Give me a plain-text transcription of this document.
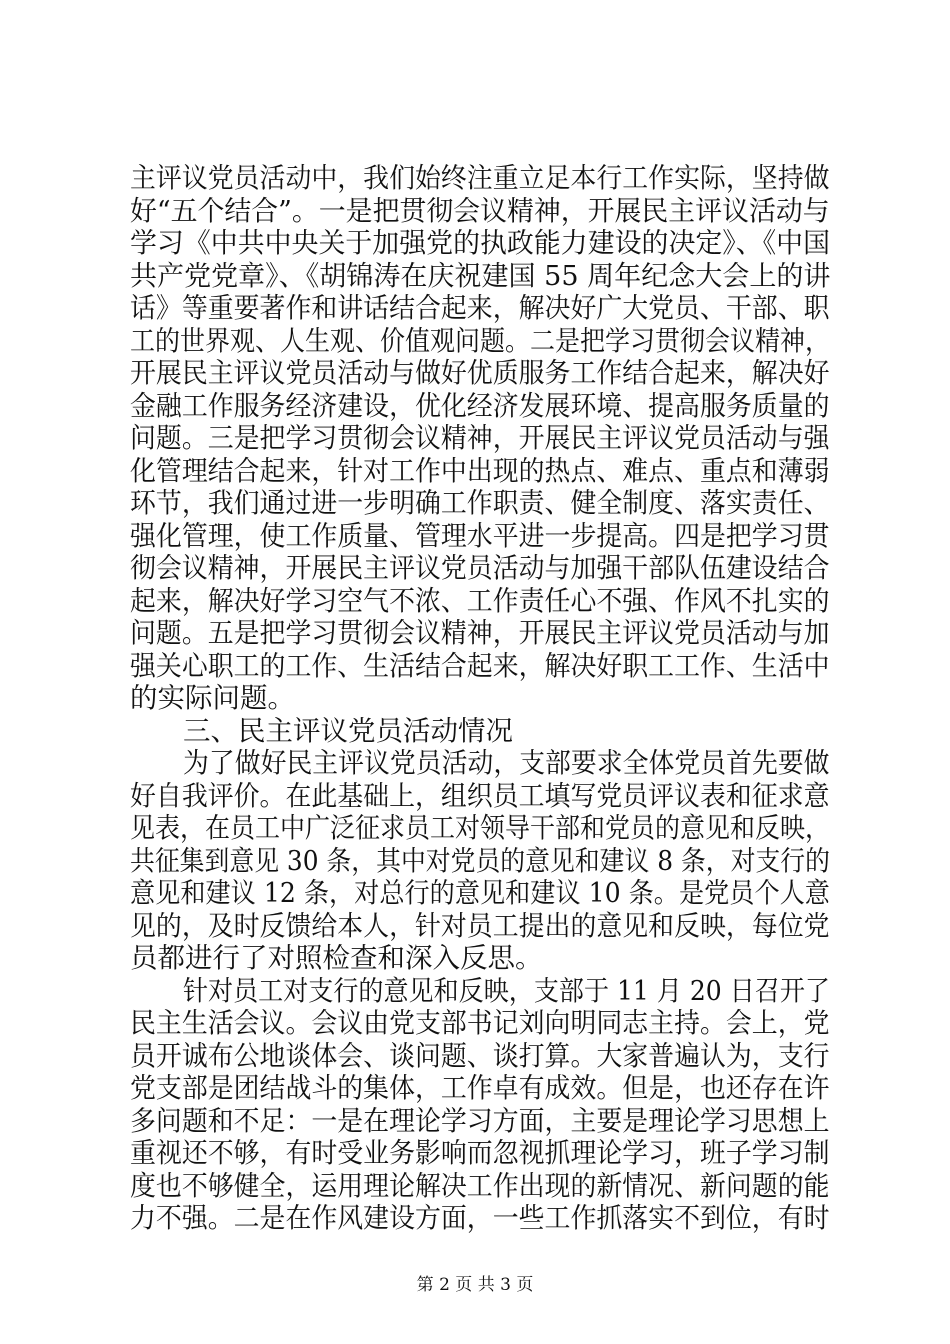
主评议党员活动中，我们始终注重立足本行工作实际，坚持做
好“五个结合”。一是把贯彻会议精神，开展民主评议活动与
学习《中共中央关于加强党的执政能力建设的决定》、《中国
共产党党章》、《胡锦涛在庆祝建国 55 周年纪念大会上的讲
话》等重要著作和讲话结合起来，解决好广大党员、干部、职
工的世界观、人生观、价值观问题。二是把学习贯彻会议精神，
开展民主评议党员活动与做好优质服务工作结合起来，解决好
金融工作服务经济建设，优化经济发展环境、提高服务质量的
问题。三是把学习贯彻会议精神，开展民主评议党员活动与强
化管理结合起来，针对工作中出现的热点、难点、重点和薄弱
环节，我们通过进一步明确工作职责、健全制度、落实责任、
强化管理，使工作质量、管理水平进一步提高。四是把学习贯
彻会议精神，开展民主评议党员活动与加强干部队伍建设结合
起来，解决好学习空气不浓、工作责任心不强、作风不扎实的
问题。五是把学习贯彻会议精神，开展民主评议党员活动与加
强关心职工的工作、生活结合起来，解决好职工工作、生活中
的实际问题。
三、民主评议党员活动情况
为了做好民主评议党员活动，支部要求全体党员首先要做
好自我评价。在此基础上，组织员工填写党员评议表和征求意
见表，在员工中广泛征求员工对领导干部和党员的意见和反映，
共征集到意见 30 条，其中对党员的意见和建议 8 条，对支行的
意见和建议 12 条，对总行的意见和建议 10 条。是党员个人意
见的，及时反馈给本人，针对员工提出的意见和反映，每位党
员都进行了对照检查和深入反思。
针对员工对支行的意见和反映，支部于 11 月 20 日召开了
民主生活会议。会议由党支部书记刘向明同志主持。会上，党
员开诚布公地谈体会、谈问题、谈打算。大家普遍认为，支行
党支部是团结战斗的集体，工作卓有成效。但是，也还存在许
多问题和不足：一是在理论学习方面，主要是理论学习思想上
重视还不够，有时受业务影响而忽视抓理论学习，班子学习制
度也不够健全，运用理论解决工作出现的新情况、新问题的能
力不强。二是在作风建设方面，一些工作抓落实不到位，有时
第 2 页 共 3 页
